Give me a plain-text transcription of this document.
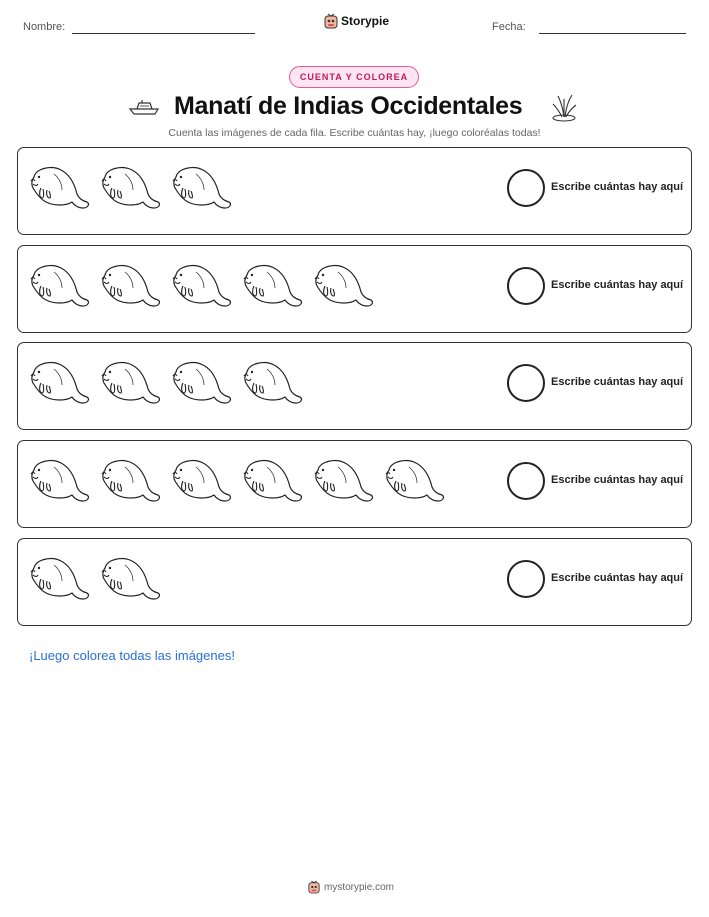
Nombre:	Storypie	Fecha:
CUENTA Y COLOREA
Manatí de Indias Occidentales
Cuenta las imágenes de cada fila. Escribe cuántas hay, ¡luego coloréalas todas!
Escribe cuántas hay aquí
Escribe cuántas hay aquí
Escribe cuántas hay aquí
Escribe cuántas hay aquí
Escribe cuántas hay aquí
¡Luego colorea todas las imágenes!
mystorypie.com
